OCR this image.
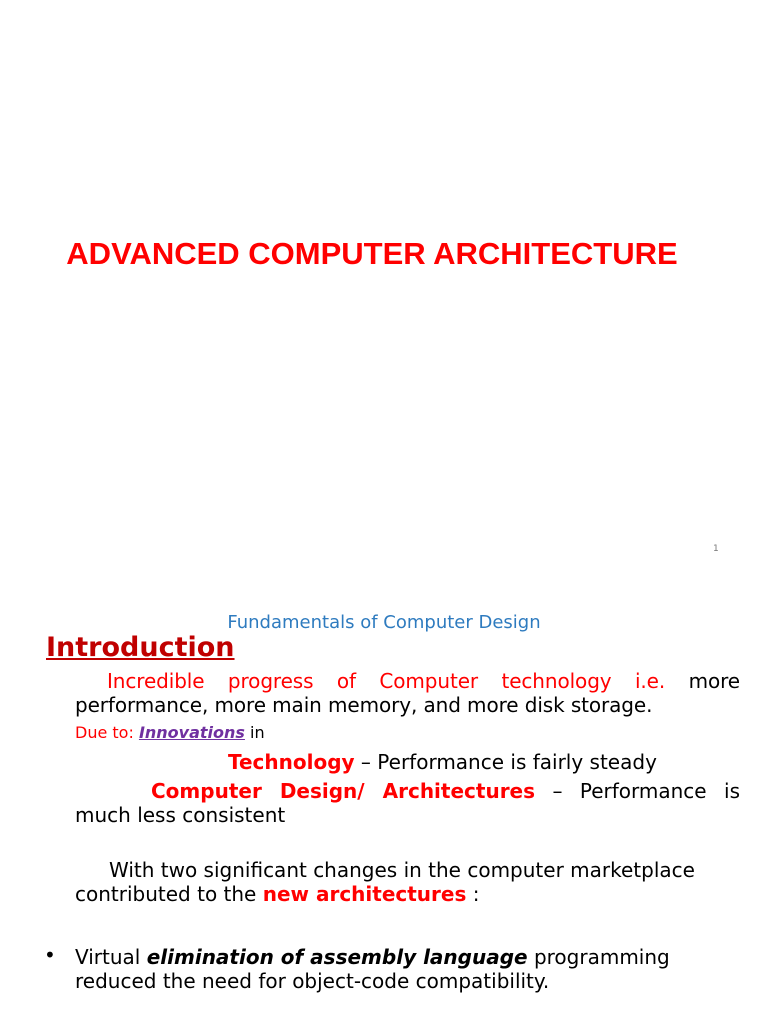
ADVANCED COMPUTER ARCHITECTURE
1
Fundamentals of Computer Design
Introduction

Incredible progress of Computer technology i.e. more performance, more main memory, and more disk storage.

Due to: Innovations in

Technology – Performance is fairly steady

Computer Design/ Architectures – Performance is much less consistent

With two significant changes in the computer marketplace contributed to the new architectures :

• Virtual elimination of assembly language programming reduced the need for object-code compatibility.
